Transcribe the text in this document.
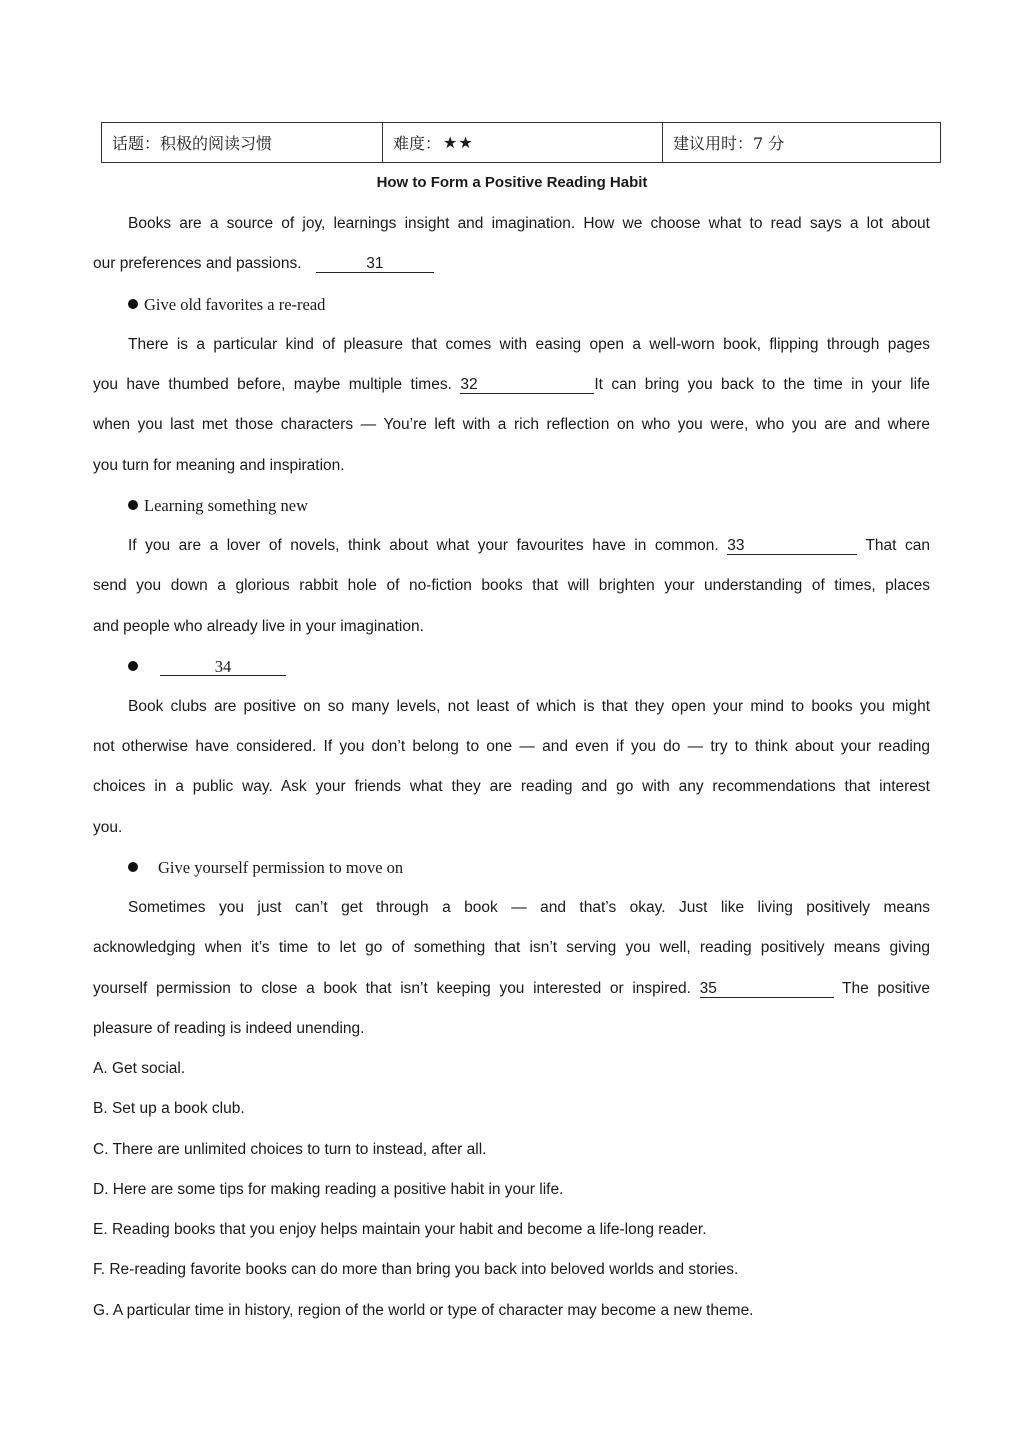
话题：积极的阅读习惯	难度： ★★	建议用时：7 分
How to Form a Positive Reading Habit
Books are a source of joy, learnings insight and imagination. How we choose what to read says a lot about
our preferences and passions.	31
Give old favorites a re-read
There is a particular kind of pleasure that comes with easing open a well-worn book, flipping through pages
you have thumbed before, maybe multiple times. 32	It can bring you back to the time in your life
when you last met those characters — You’re left with a rich reflection on who you were, who you are and where
you turn for meaning and inspiration.
Learning something new
If you are a lover of novels, think about what your favourites have in common. 33	That can
send you down a glorious rabbit hole of no-fiction books that will brighten your understanding of times, places
and people who already live in your imagination.
34
Book clubs are positive on so many levels, not least of which is that they open your mind to books you might
not otherwise have considered. If you don’t belong to one — and even if you do — try to think about your reading
choices in a public way. Ask your friends what they are reading and go with any recommendations that interest
you.
Give yourself permission to move on
Sometimes you just can’t get through a book — and that’s okay. Just like living positively means
acknowledging when it’s time to let go of something that isn’t serving you well, reading positively means giving
yourself permission to close a book that isn’t keeping you interested or inspired. 35	The positive
pleasure of reading is indeed unending.
A. Get social.
B. Set up a book club.
C. There are unlimited choices to turn to instead, after all.
D. Here are some tips for making reading a positive habit in your life.
E. Reading books that you enjoy helps maintain your habit and become a life-long reader.
F. Re-reading favorite books can do more than bring you back into beloved worlds and stories.
G. A particular time in history, region of the world or type of character may become a new theme.
